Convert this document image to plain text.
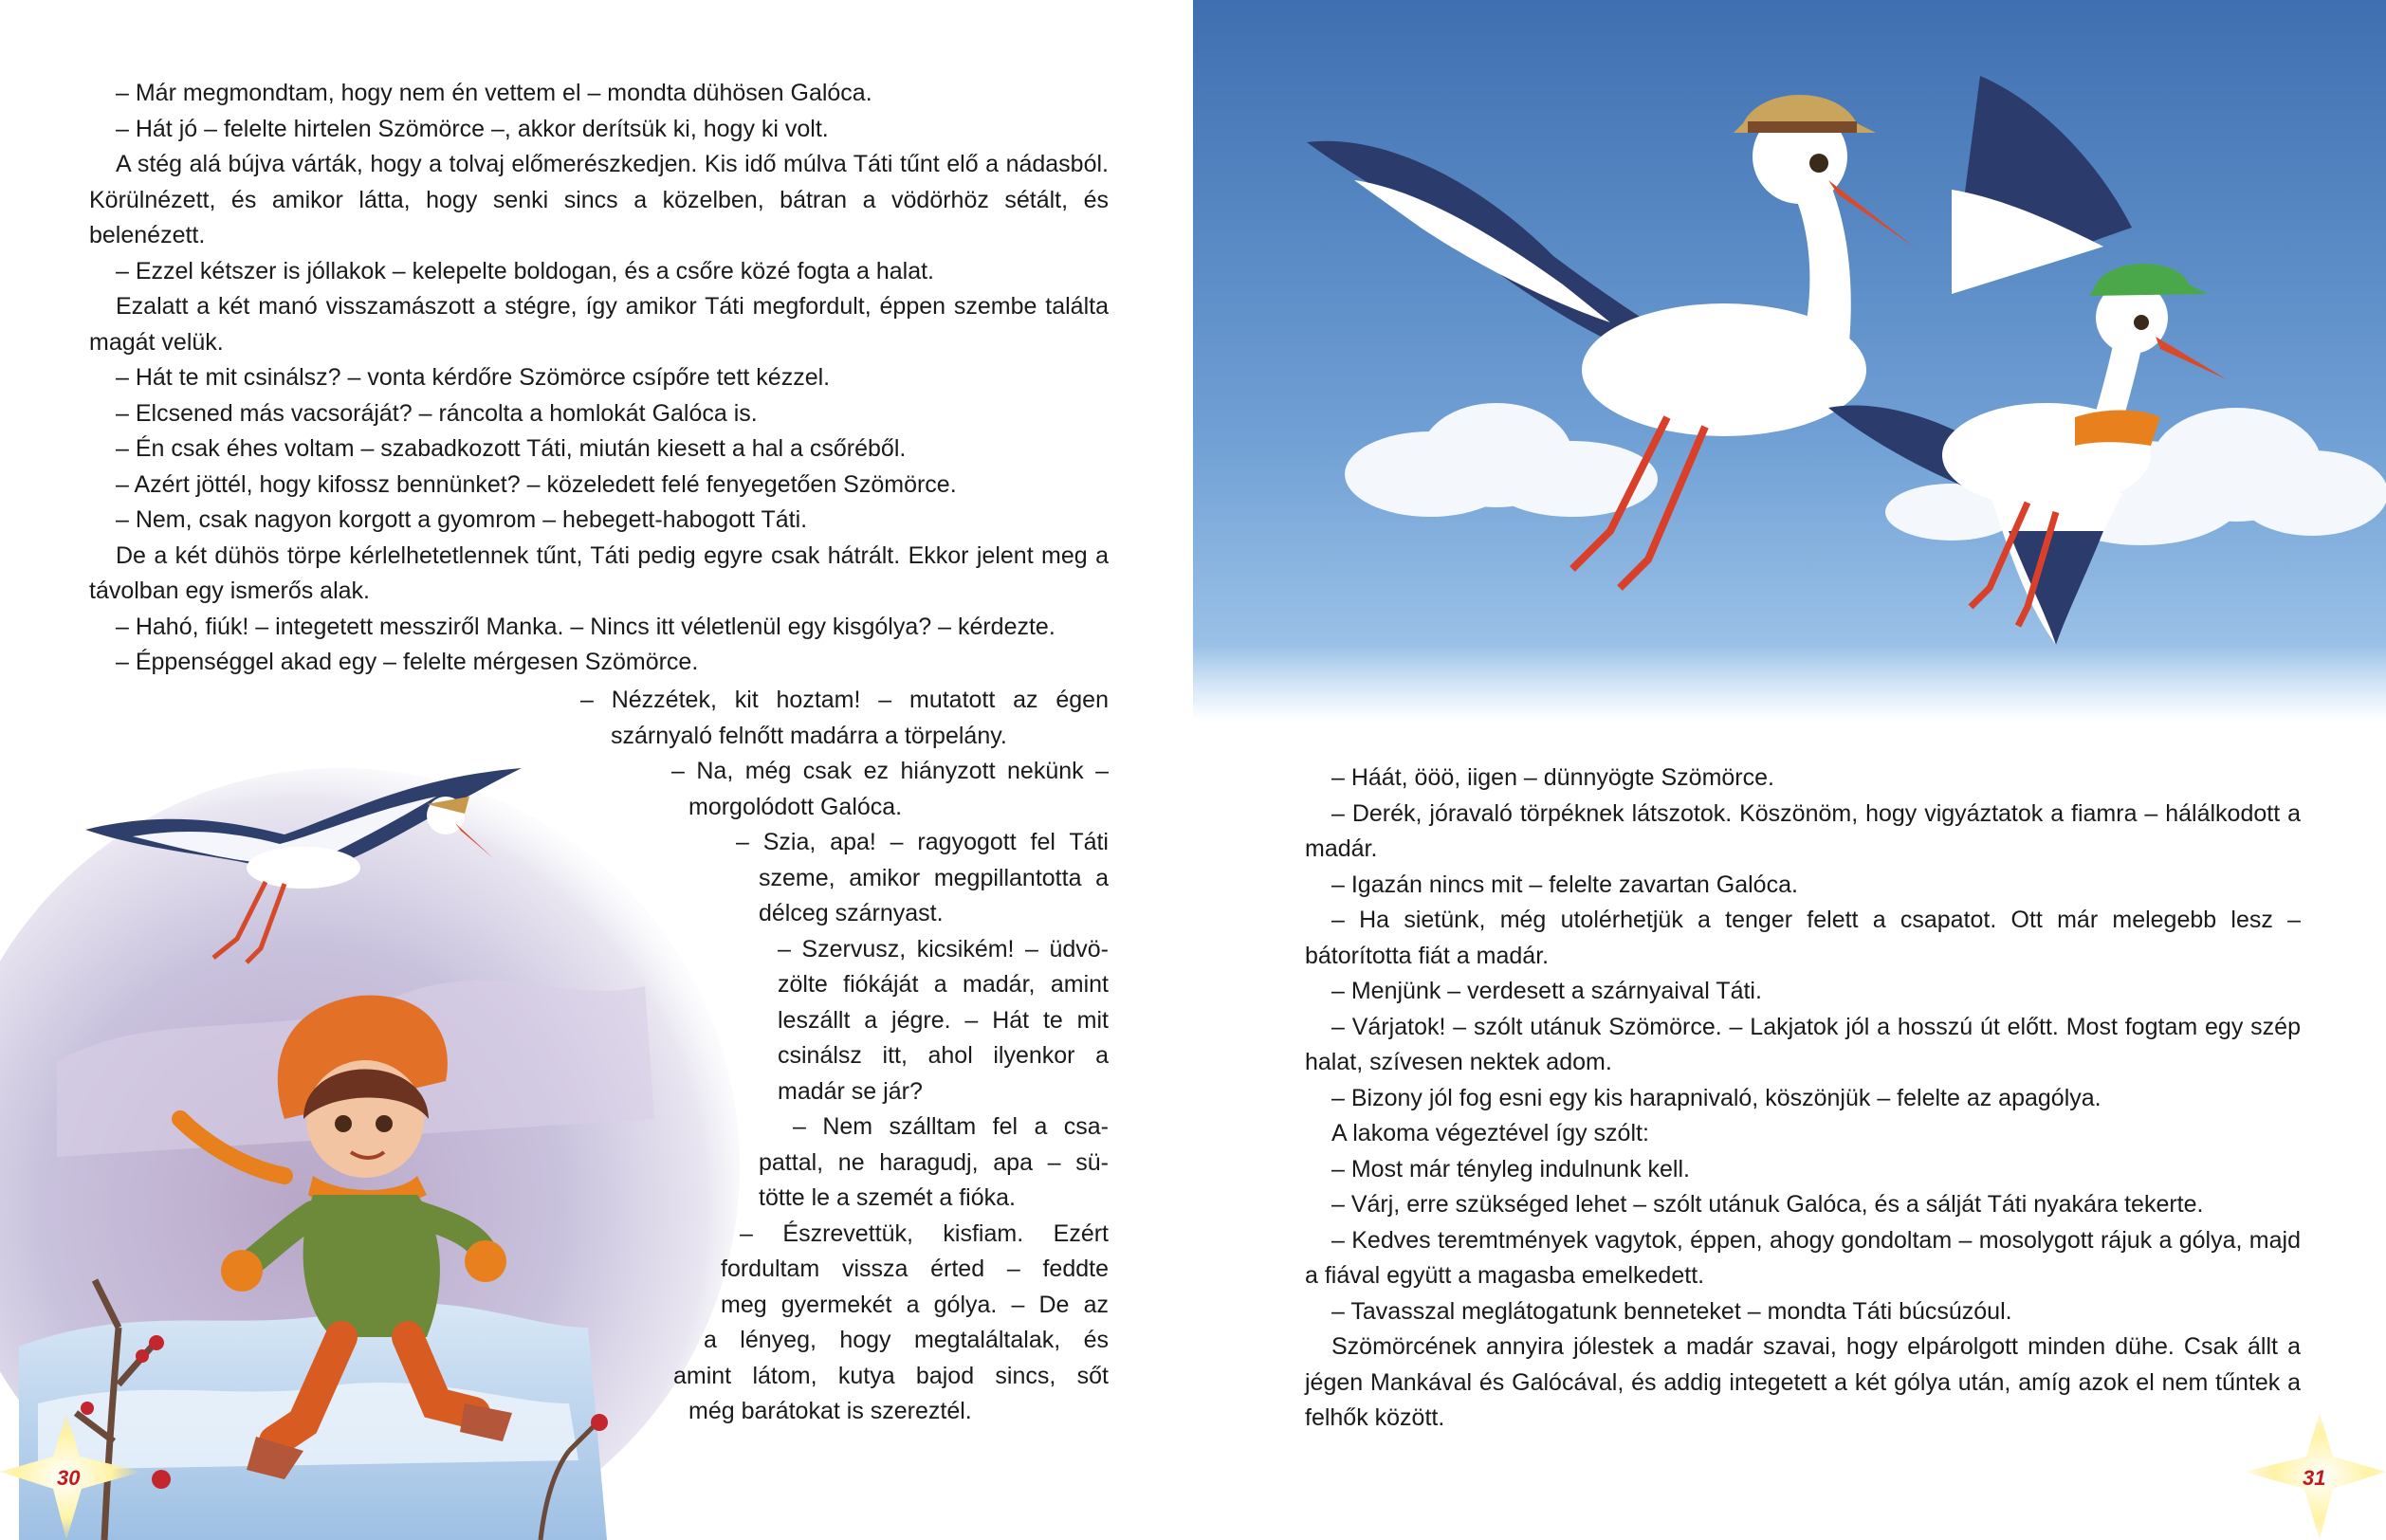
– Már megmondtam, hogy nem én vettem el – mondta dühösen Galóca.

– Hát jó – felelte hirtelen Szömörce –, akkor derítsük ki, hogy ki volt.

A stég alá bújva várták, hogy a tolvaj előmerészkedjen. Kis idő múlva Táti tűnt elő a nádasból. Körülnézett, és amikor látta, hogy senki sincs a közelben, bátran a vödörhöz sétált, és belenézett.

– Ezzel kétszer is jóllakok – kelepelte boldogan, és a csőre közé fogta a halat.

Ezalatt a két manó visszamászott a stégre, így amikor Táti megfordult, éppen szembe találta magát velük.

– Hát te mit csinálsz? – vonta kérdőre Szömörce csípőre tett kézzel.

– Elcsened más vacsoráját? – ráncolta a homlokát Galóca is.

– Én csak éhes voltam – szabadkozott Táti, miután kiesett a hal a csőréből.

– Azért jöttél, hogy kifossz bennünket? – közeledett felé fenyegetően Szömörce.

– Nem, csak nagyon korgott a gyomrom – hebegett-habogott Táti.

De a két dühös törpe kérlelhetetlennek tűnt, Táti pedig egyre csak hátrált. Ekkor jelent meg a távolban egy ismerős alak.

– Hahó, fiúk! – integetett messziről Manka. – Nincs itt véletlenül egy kisgólya? – kérdezte.

– Éppenséggel akad egy – felelte mérgesen Szömörce.

– Nézzétek, kit hoztam! – mutatott az égen
szárnyaló felnőtt madárra a törpelány.
– Na, még csak ez hiányzott nekünk –
morgolódott Galóca.
– Szia, apa! – ragyogott fel Táti
szeme, amikor megpillantotta a
délceg szárnyast.
– Szervusz, kicsikém! – üdvö-
zölte fiókáját a madár, amint
leszállt a jégre. – Hát te mit
csinálsz itt, ahol ilyenkor a
madár se jár?
– Nem szálltam fel a csa-
pattal, ne haragudj, apa – sü-
tötte le a szemét a fióka.
– Észrevettük, kisfiam. Ezért
fordultam vissza érted – feddte
meg gyermekét a gólya. – De az
a lényeg, hogy megtaláltalak, és
amint látom, kutya bajod sincs, sőt
még barátokat is szereztél.
30

– Háát, ööö, iigen – dünnyögte Szömörce.

– Derék, jóravaló törpéknek látszotok. Köszönöm, hogy vigyáztatok a fiamra – hálálkodott a madár.

– Igazán nincs mit – felelte zavartan Galóca.

– Ha sietünk, még utolérhetjük a tenger felett a csapatot. Ott már melegebb lesz – bátorította fiát a madár.

– Menjünk – verdesett a szárnyaival Táti.

– Várjatok! – szólt utánuk Szömörce. – Lakjatok jól a hosszú út előtt. Most fogtam egy szép halat, szívesen nektek adom.

– Bizony jól fog esni egy kis harapnivaló, köszönjük – felelte az apagólya.

A lakoma végeztével így szólt:

– Most már tényleg indulnunk kell.

– Várj, erre szükséged lehet – szólt utánuk Galóca, és a sálját Táti nyakára tekerte.

– Kedves teremtmények vagytok, éppen, ahogy gondoltam – mosolygott rájuk a gólya, majd a fiával együtt a magasba emelkedett.

– Tavasszal meglátogatunk benneteket – mondta Táti búcsúzóul.

Szömörcének annyira jólestek a madár szavai, hogy elpárolgott minden dühe. Csak állt a jégen Mankával és Galócával, és addig integetett a két gólya után, amíg azok el nem tűntek a felhők között.

31
